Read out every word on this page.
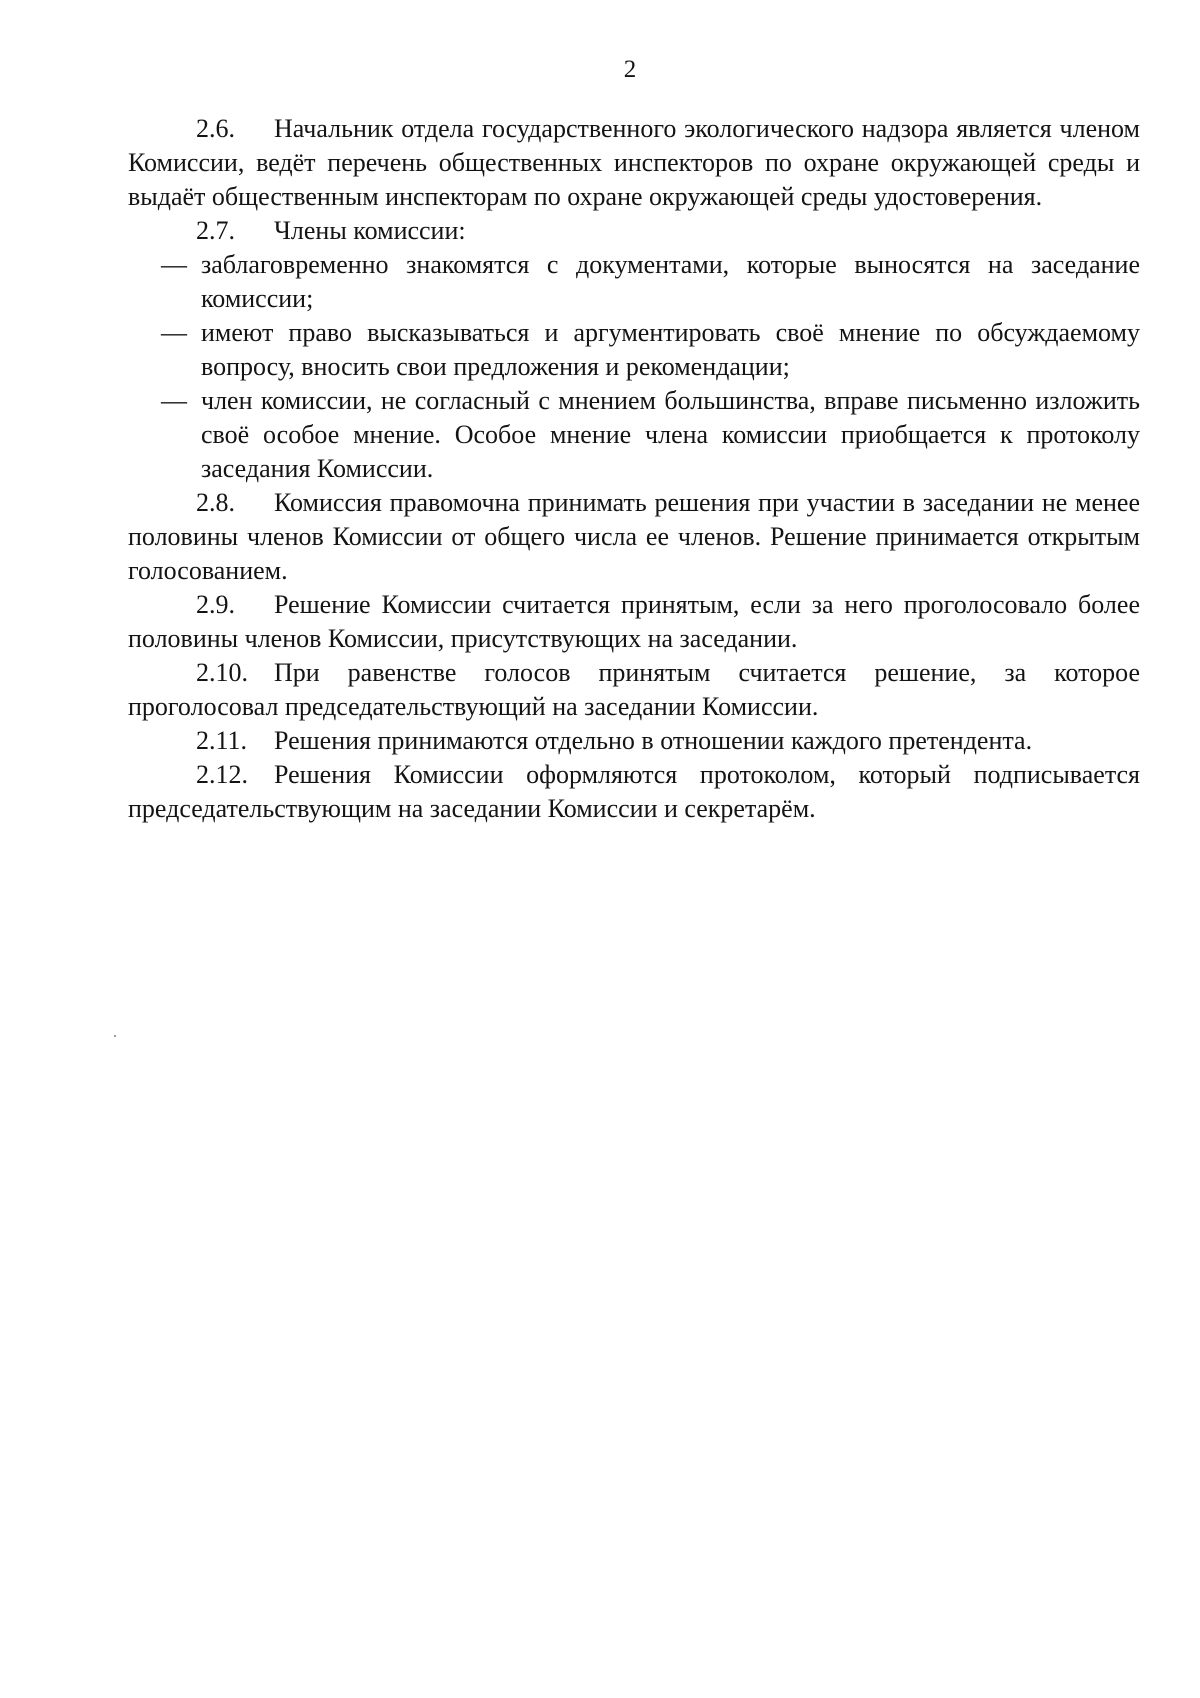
2

2.6. Начальник отдела государственного экологического надзора является членом Комиссии, ведёт перечень общественных инспекторов по охране окружающей среды и выдаёт общественным инспекторам по охране окружающей среды удостоверения.

2.7. Члены комиссии:

— заблаговременно знакомятся с документами, которые выносятся на заседание комиссии;
— имеют право высказываться и аргументировать своё мнение по обсуждаемому вопросу, вносить свои предложения и рекомендации;
— член комиссии, не согласный с мнением большинства, вправе письменно изложить своё особое мнение. Особое мнение члена комиссии приобщается к протоколу заседания Комиссии.

2.8. Комиссия правомочна принимать решения при участии в заседании не менее половины членов Комиссии от общего числа ее членов. Решение принимается открытым голосованием.

2.9. Решение Комиссии считается принятым, если за него проголосовало более половины членов Комиссии, присутствующих на заседании.

2.10. При равенстве голосов принятым считается решение, за которое проголосовал председательствующий на заседании Комиссии.

2.11. Решения принимаются отдельно в отношении каждого претендента.

2.12. Решения Комиссии оформляются протоколом, который подписывается председательствующим на заседании Комиссии и секретарём.
